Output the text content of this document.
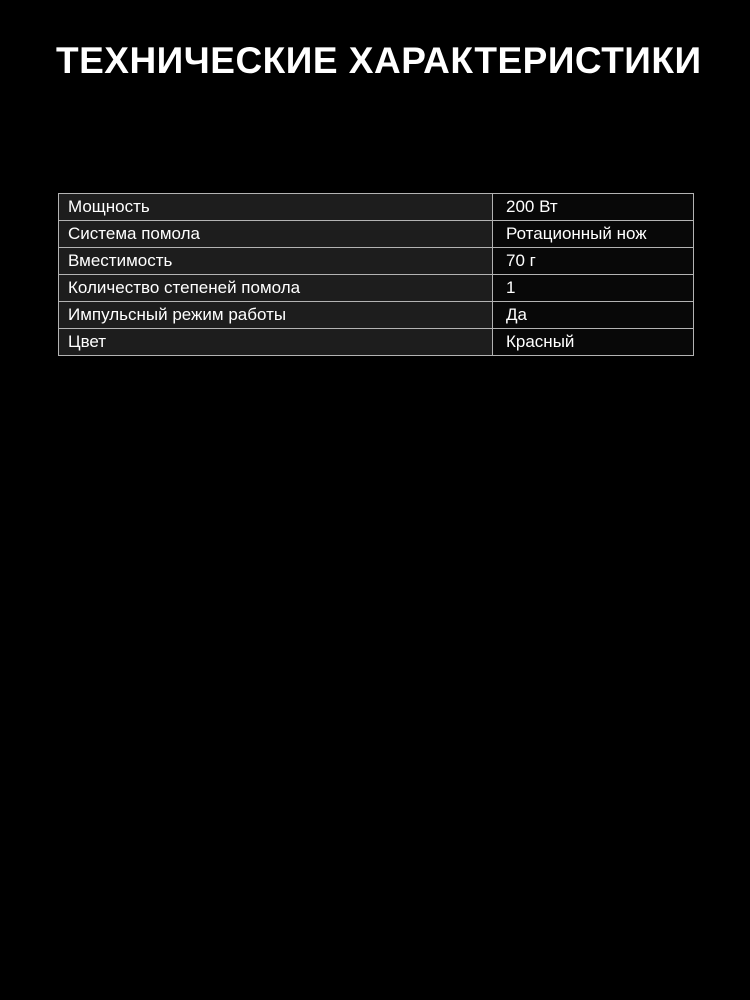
ТЕХНИЧЕСКИЕ ХАРАКТЕРИСТИКИ
Мощность	200 Вт
Система помола	Ротационный нож
Вместимость	70 г
Количество степеней помола	1
Импульсный режим работы	Да
Цвет	Красный
